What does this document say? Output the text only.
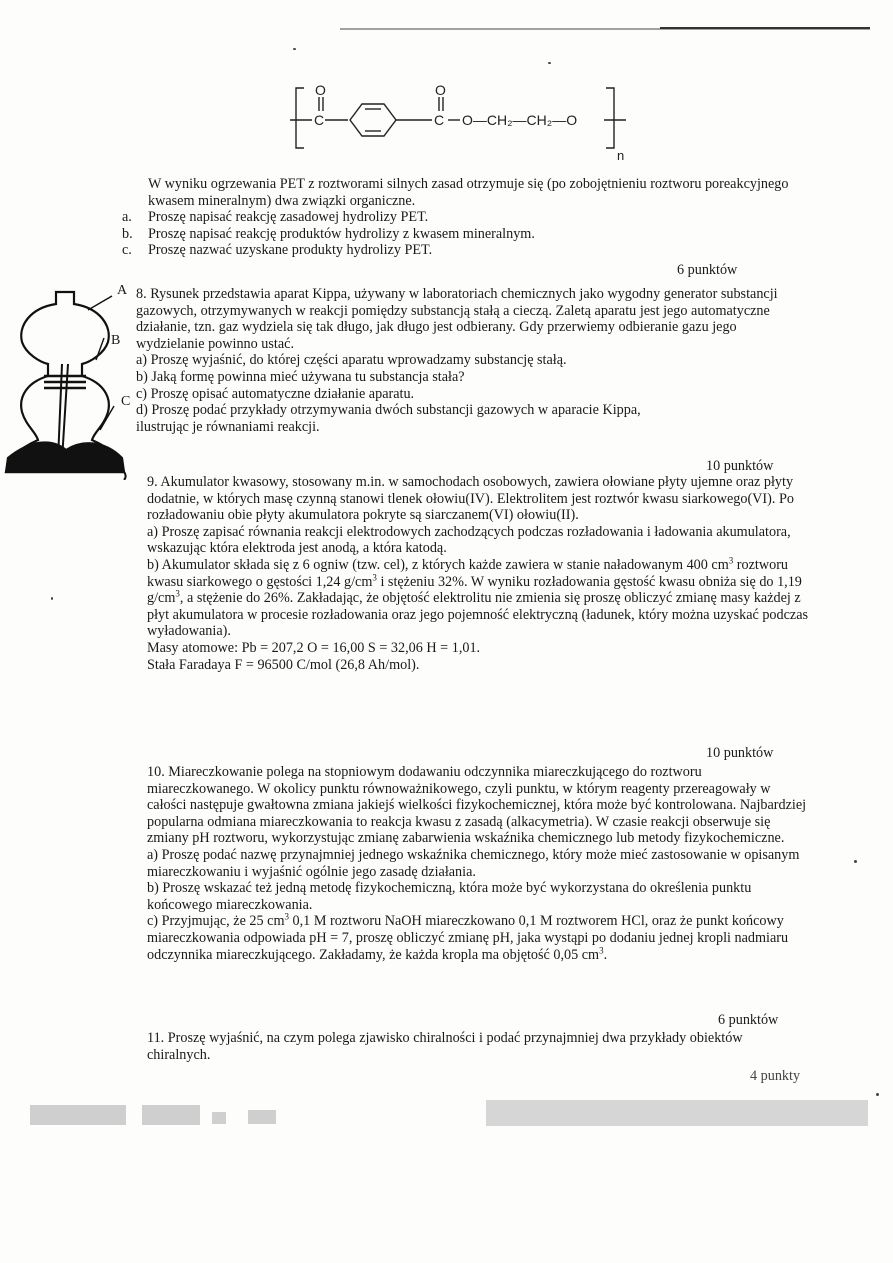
O
C
O
C O—CH₂—CH₂—O
n

W wyniku ogrzewania PET z roztworami silnych zasad otrzymuje się (po zobojętnieniu roztworu poreakcyjnego kwasem mineralnym) dwa związki organiczne.

a. Proszę napisać reakcję zasadowej hydrolizy PET.
b. Proszę napisać reakcję produktów hydrolizy z kwasem mineralnym.
c. Proszę nazwać uzyskane produkty hydrolizy PET.
6 punktów
A
B
C

8. Rysunek przedstawia aparat Kippa, używany w laboratoriach chemicznych jako wygodny generator substancji gazowych, otrzymywanych w reakcji pomiędzy substancją stałą a cieczą. Zaletą aparatu jest jego automatyczne działanie, tzn. gaz wydziela się tak długo, jak długo jest odbierany. Gdy przerwiemy odbieranie gazu jego wydzielanie powinno ustać.

a) Proszę wyjaśnić, do której części aparatu wprowadzamy substancję stałą.

b) Jaką formę powinna mieć używana tu substancja stała?

c) Proszę opisać automatyczne działanie aparatu.

d) Proszę podać przykłady otrzymywania dwóch substancji gazowych w aparacie Kippa, ilustrując je równaniami reakcji.

10 punktów

9. Akumulator kwasowy, stosowany m.in. w samochodach osobowych, zawiera ołowiane płyty ujemne oraz płyty dodatnie, w których masę czynną stanowi tlenek ołowiu(IV). Elektrolitem jest roztwór kwasu siarkowego(VI). Po rozładowaniu obie płyty akumulatora pokryte są siarczanem(VI) ołowiu(II).

a) Proszę zapisać równania reakcji elektrodowych zachodzących podczas rozładowania i ładowania akumulatora, wskazując która elektroda jest anodą, a która katodą.

b) Akumulator składa się z 6 ogniw (tzw. cel), z których każde zawiera w stanie naładowanym 400 $cm^3$ roztworu kwasu siarkowego o gęstości 1,24 $g/cm^3$ i stężeniu 32%. W wyniku rozładowania gęstość kwasu obniża się do 1,19 $g/cm^3$, a stężenie do 26%. Zakładając, że objętość elektrolitu nie zmienia się proszę obliczyć zmianę masy każdej z płyt akumulatora w procesie rozładowania oraz jego pojemność elektryczną (ładunek, który można uzyskać podczas wyładowania).

Masy atomowe: Pb = 207,2 O = 16,00 S = 32,06 H = 1,01.

Stała Faradaya F = 96500 C/mol (26,8 Ah/mol).

10 punktów

10. Miareczkowanie polega na stopniowym dodawaniu odczynnika miareczkującego do roztworu miareczkowanego. W okolicy punktu równoważnikowego, czyli punktu, w którym reagenty przereagowały w całości następuje gwałtowna zmiana jakiejś wielkości fizykochemicznej, która może być kontrolowana. Najbardziej popularna odmiana miareczkowania to reakcja kwasu z zasadą (alkacymetria). W czasie reakcji obserwuje się zmiany pH roztworu, wykorzystując zmianę zabarwienia wskaźnika chemicznego lub metody fizykochemiczne.

a) Proszę podać nazwę przynajmniej jednego wskaźnika chemicznego, który może mieć zastosowanie w opisanym miareczkowaniu i wyjaśnić ogólnie jego zasadę działania.

b) Proszę wskazać też jedną metodę fizykochemiczną, która może być wykorzystana do określenia punktu końcowego miareczkowania.

c) Przyjmując, że 25 $cm^3$ 0,1 M roztworu NaOH miareczkowano 0,1 M roztworem HCl, oraz że punkt końcowy miareczkowania odpowiada pH = 7, proszę obliczyć zmianę pH, jaka wystąpi po dodaniu jednej kropli nadmiaru odczynnika miareczkującego. Zakładamy, że każda kropla ma objętość 0,05 $cm^3$.

6 punktów

11. Proszę wyjaśnić, na czym polega zjawisko chiralności i podać przynajmniej dwa przykłady obiektów chiralnych.

4 punkty
